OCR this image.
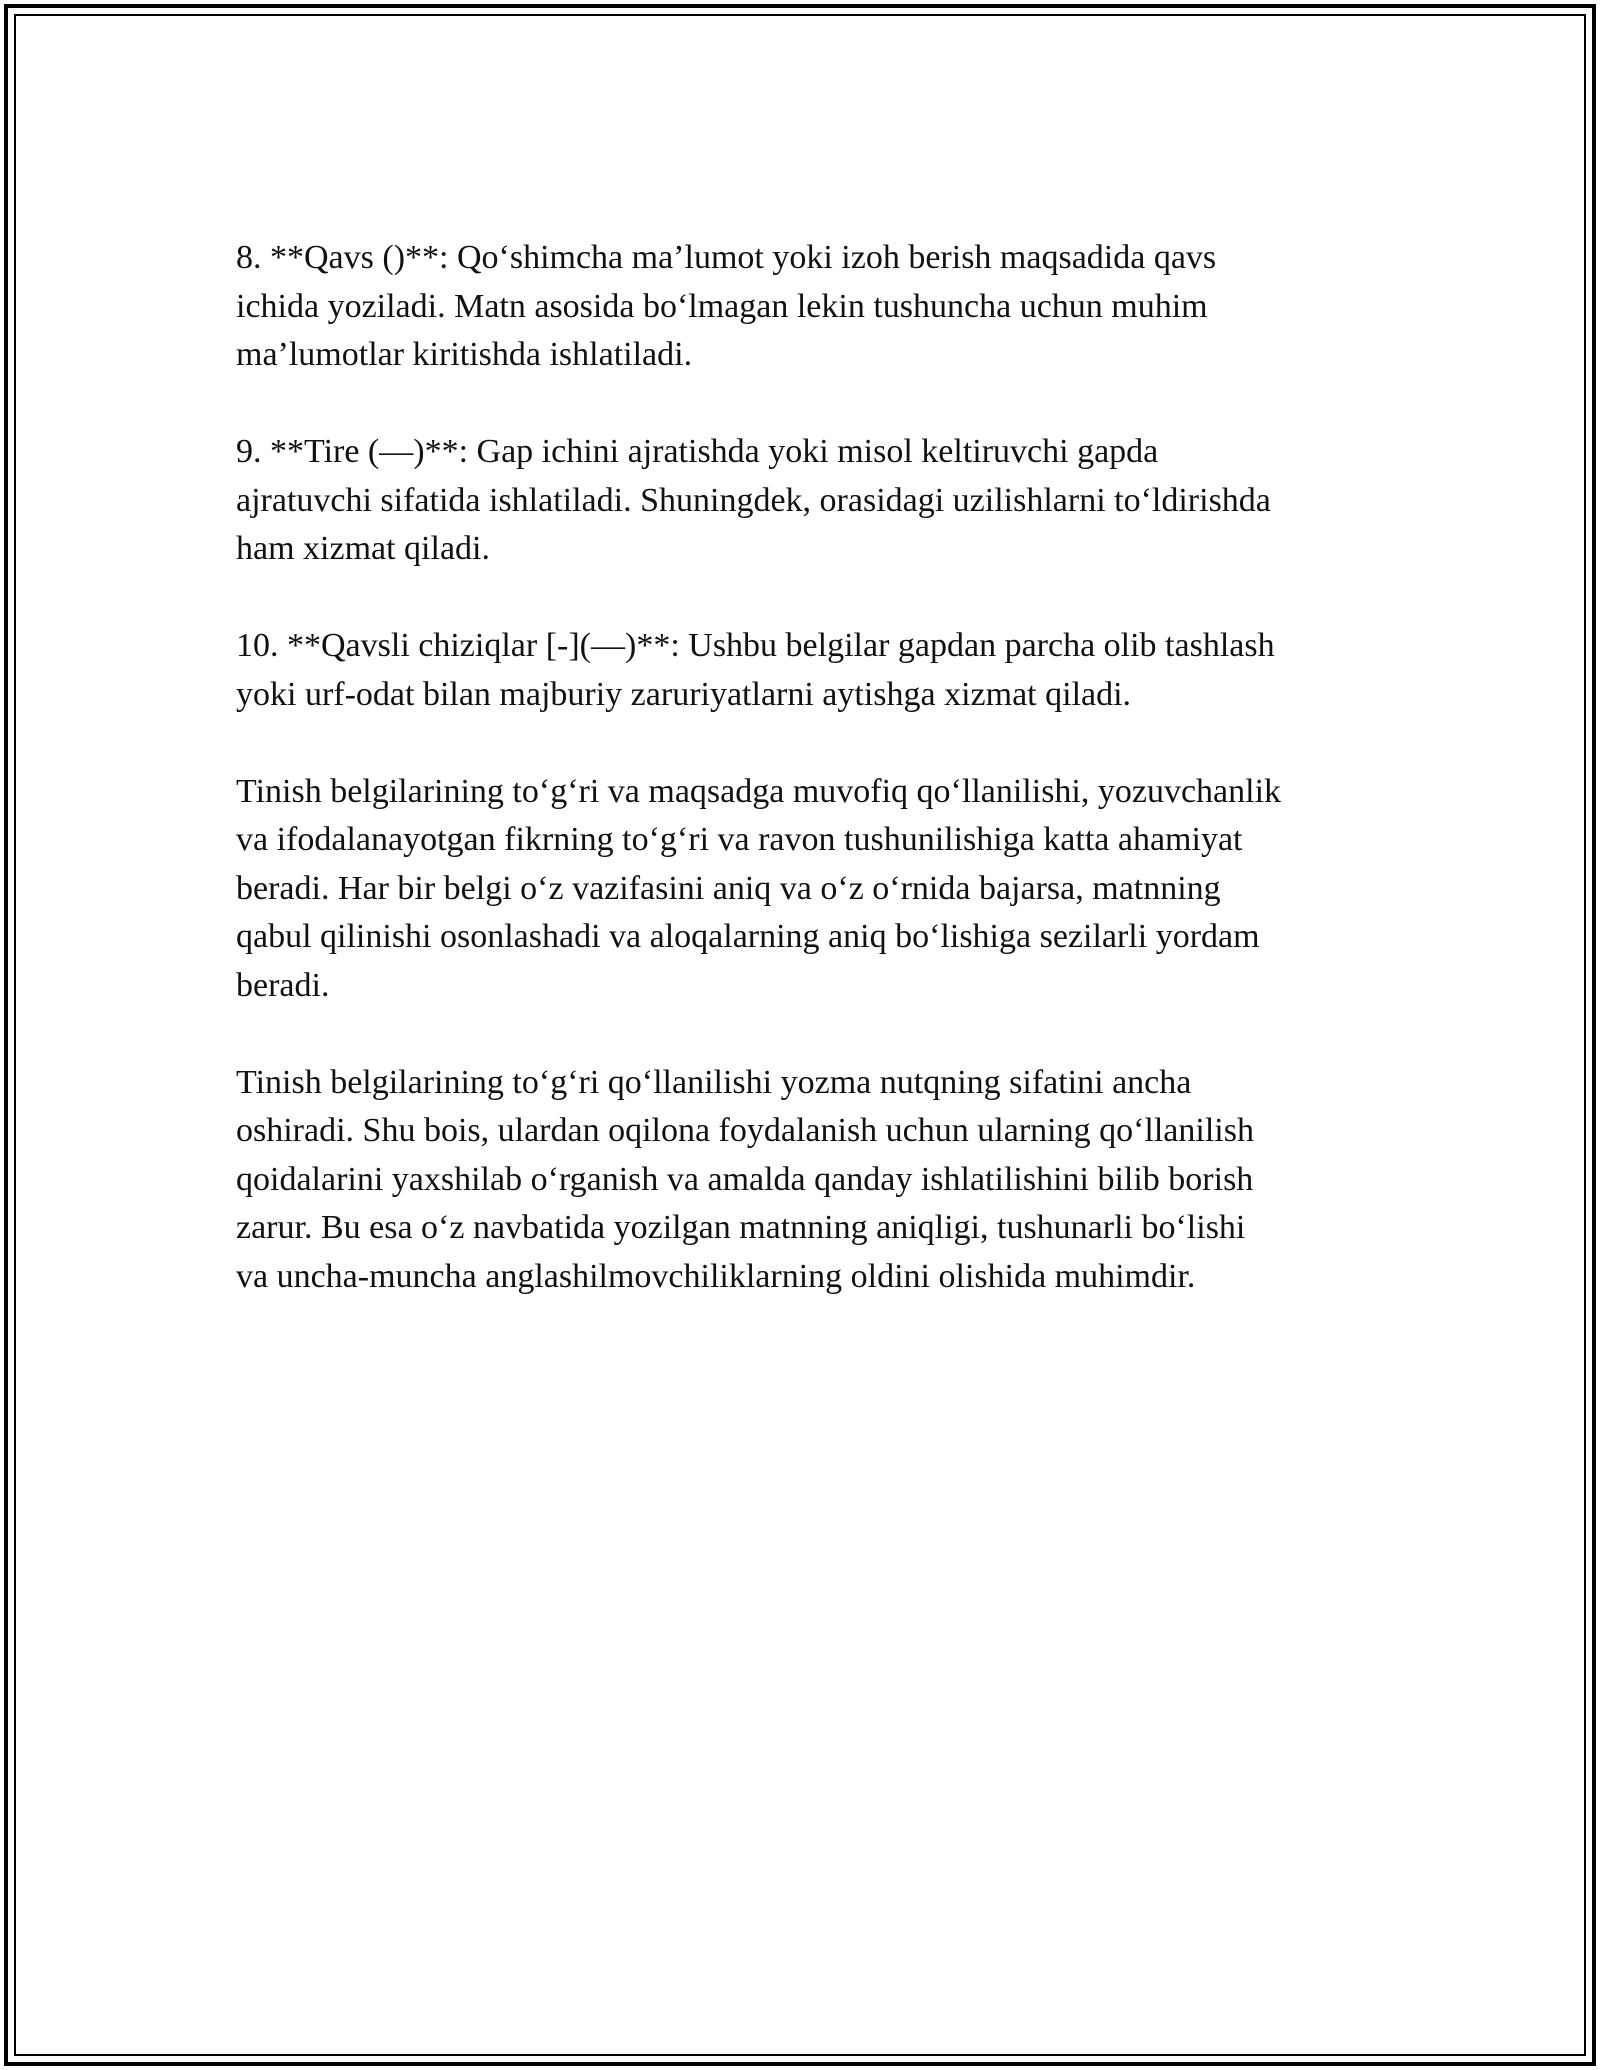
8. **Qavs ()**: Qo‘shimcha ma’lumot yoki izoh berish maqsadida qavs
ichida yoziladi. Matn asosida bo‘lmagan lekin tushuncha uchun muhim
ma’lumotlar kiritishda ishlatiladi.

9. **Tire (—)**: Gap ichini ajratishda yoki misol keltiruvchi gapda
ajratuvchi sifatida ishlatiladi. Shuningdek, orasidagi uzilishlarni to‘ldirishda
ham xizmat qiladi.

10. **Qavsli chiziqlar [-](—)**: Ushbu belgilar gapdan parcha olib tashlash
yoki urf-odat bilan majburiy zaruriyatlarni aytishga xizmat qiladi.

Tinish belgilarining to‘g‘ri va maqsadga muvofiq qo‘llanilishi, yozuvchanlik
va ifodalanayotgan fikrning to‘g‘ri va ravon tushunilishiga katta ahamiyat
beradi. Har bir belgi o‘z vazifasini aniq va o‘z o‘rnida bajarsa, matnning
qabul qilinishi osonlashadi va aloqalarning aniq bo‘lishiga sezilarli yordam
beradi.

Tinish belgilarining to‘g‘ri qo‘llanilishi yozma nutqning sifatini ancha
oshiradi. Shu bois, ulardan oqilona foydalanish uchun ularning qo‘llanilish
qoidalarini yaxshilab o‘rganish va amalda qanday ishlatilishini bilib borish
zarur. Bu esa o‘z navbatida yozilgan matnning aniqligi, tushunarli bo‘lishi
va uncha-muncha anglashilmovchiliklarning oldini olishida muhimdir.
